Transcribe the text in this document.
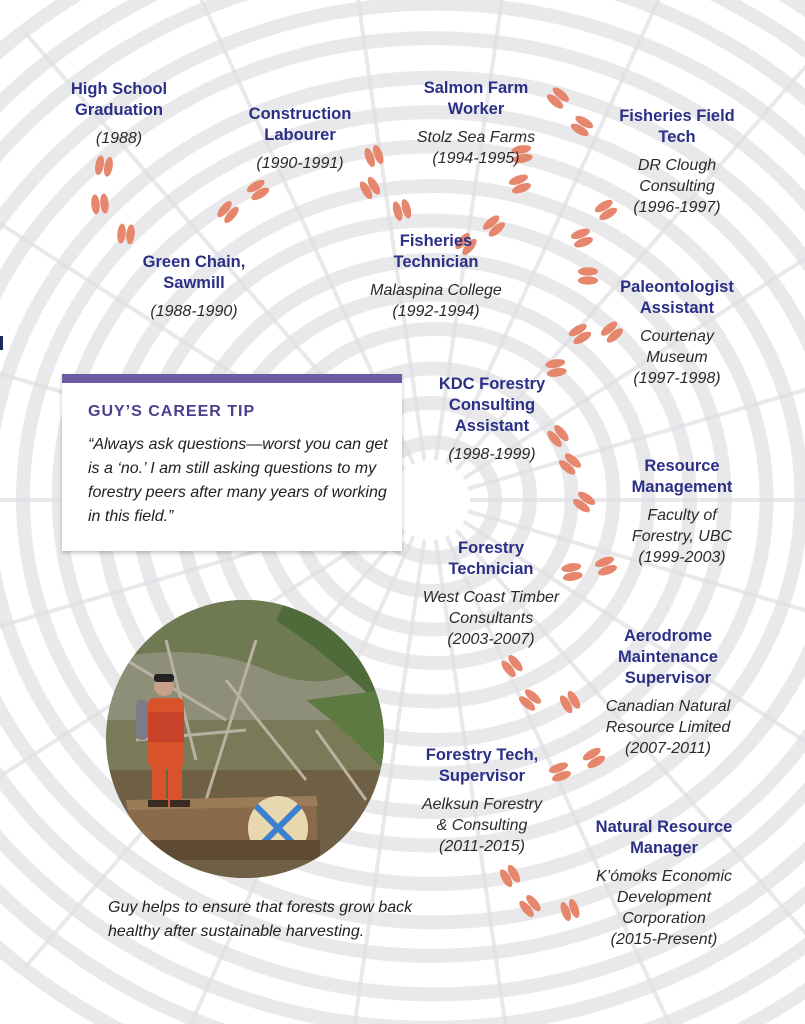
High School
Graduation
(1988)
Green Chain,
Sawmill
(1988-1990)
Construction
Labourer
(1990-1991)
Fisheries
Technician
Malaspina College
(1992-1994)
Salmon Farm
Worker
Stolz Sea Farms
(1994-1995)
Fisheries Field
Tech
DR Clough
Consulting
(1996-1997)
Paleontologist
Assistant
Courtenay
Museum
(1997-1998)
KDC Forestry
Consulting
Assistant
(1998-1999)
Resource
Management
Faculty of
Forestry, UBC
(1999-2003)
Forestry
Technician
West Coast Timber
Consultants
(2003-2007)	Aerodrome
Maintenance
Supervisor
Canadian Natural
Resource Limited
(2007-2011)
Forestry Tech,
Supervisor
Aelksun Forestry
& Consulting
(2011-2015)
Natural Resource
Manager
K’ómoks Economic
Development
Corporation
(2015-Present)
GUY’S CAREER TIP
“Always ask questions—worst you can get is a ‘no.’ I am still asking questions to my forestry peers after many years of working in this field.”
Guy helps to ensure that forests grow back
healthy after sustainable harvesting.
